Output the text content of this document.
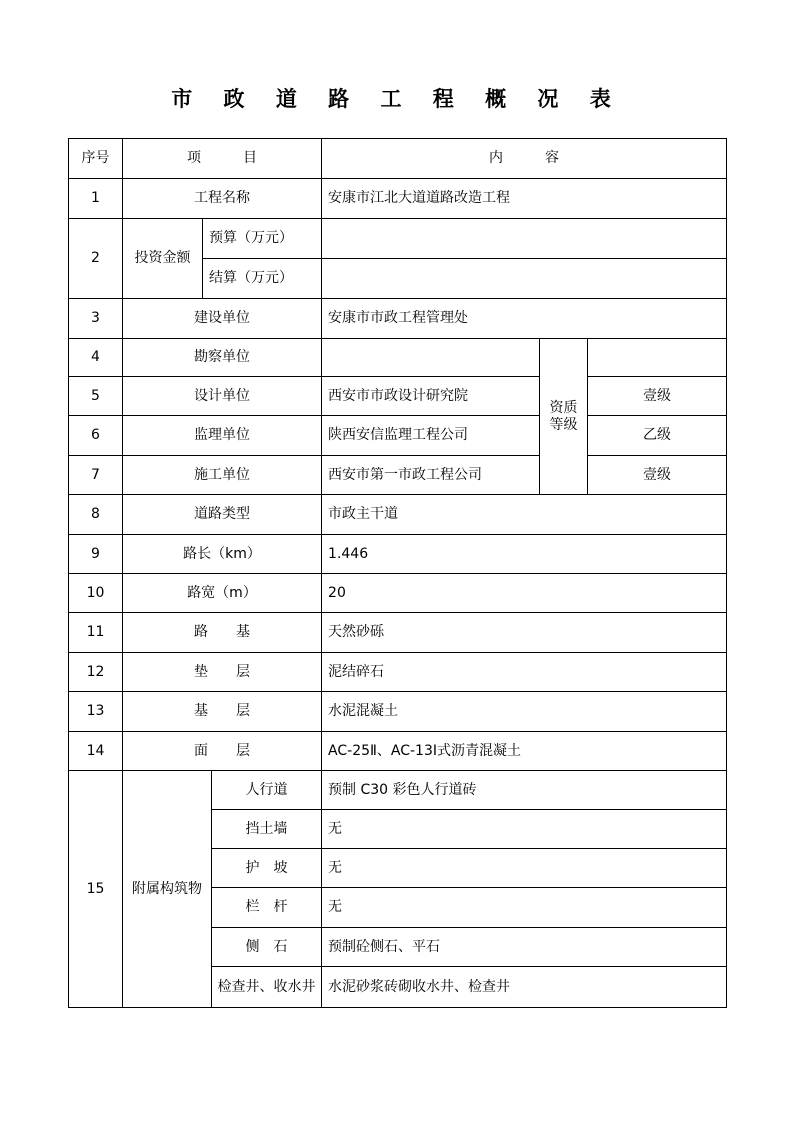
市 政 道 路 工 程 概 况 表
序号	项　　　目			内　　　容		
1	工程名称			安康市江北大道道路改造工程		
2	投资金额	预算（万元）				
		结算（万元）				
3	建设单位			安康市市政工程管理处		
4	勘察单位				资质等级	
5	设计单位			西安市市政设计研究院		壹级
6	监理单位			陕西安信监理工程公司		乙级
7	施工单位			西安市第一市政工程公司		壹级
8	道路类型			市政主干道		
9	路长（km）			1.446		
10	路宽（m）			20		
11	路　　基			天然砂砾		
12	垫　　层			泥结碎石		
13	基　　层			水泥混凝土		
14	面　　层			AC-25Ⅱ、AC-13Ⅰ式沥青混凝土		
15	附属构筑物		人行道	预制 C30 彩色人行道砖		
			挡土墙	无		
			护　坡	无		
			栏　杆	无		
			侧　石	预制砼侧石、平石		
			检查井、收水井	水泥砂浆砖砌收水井、检查井		
